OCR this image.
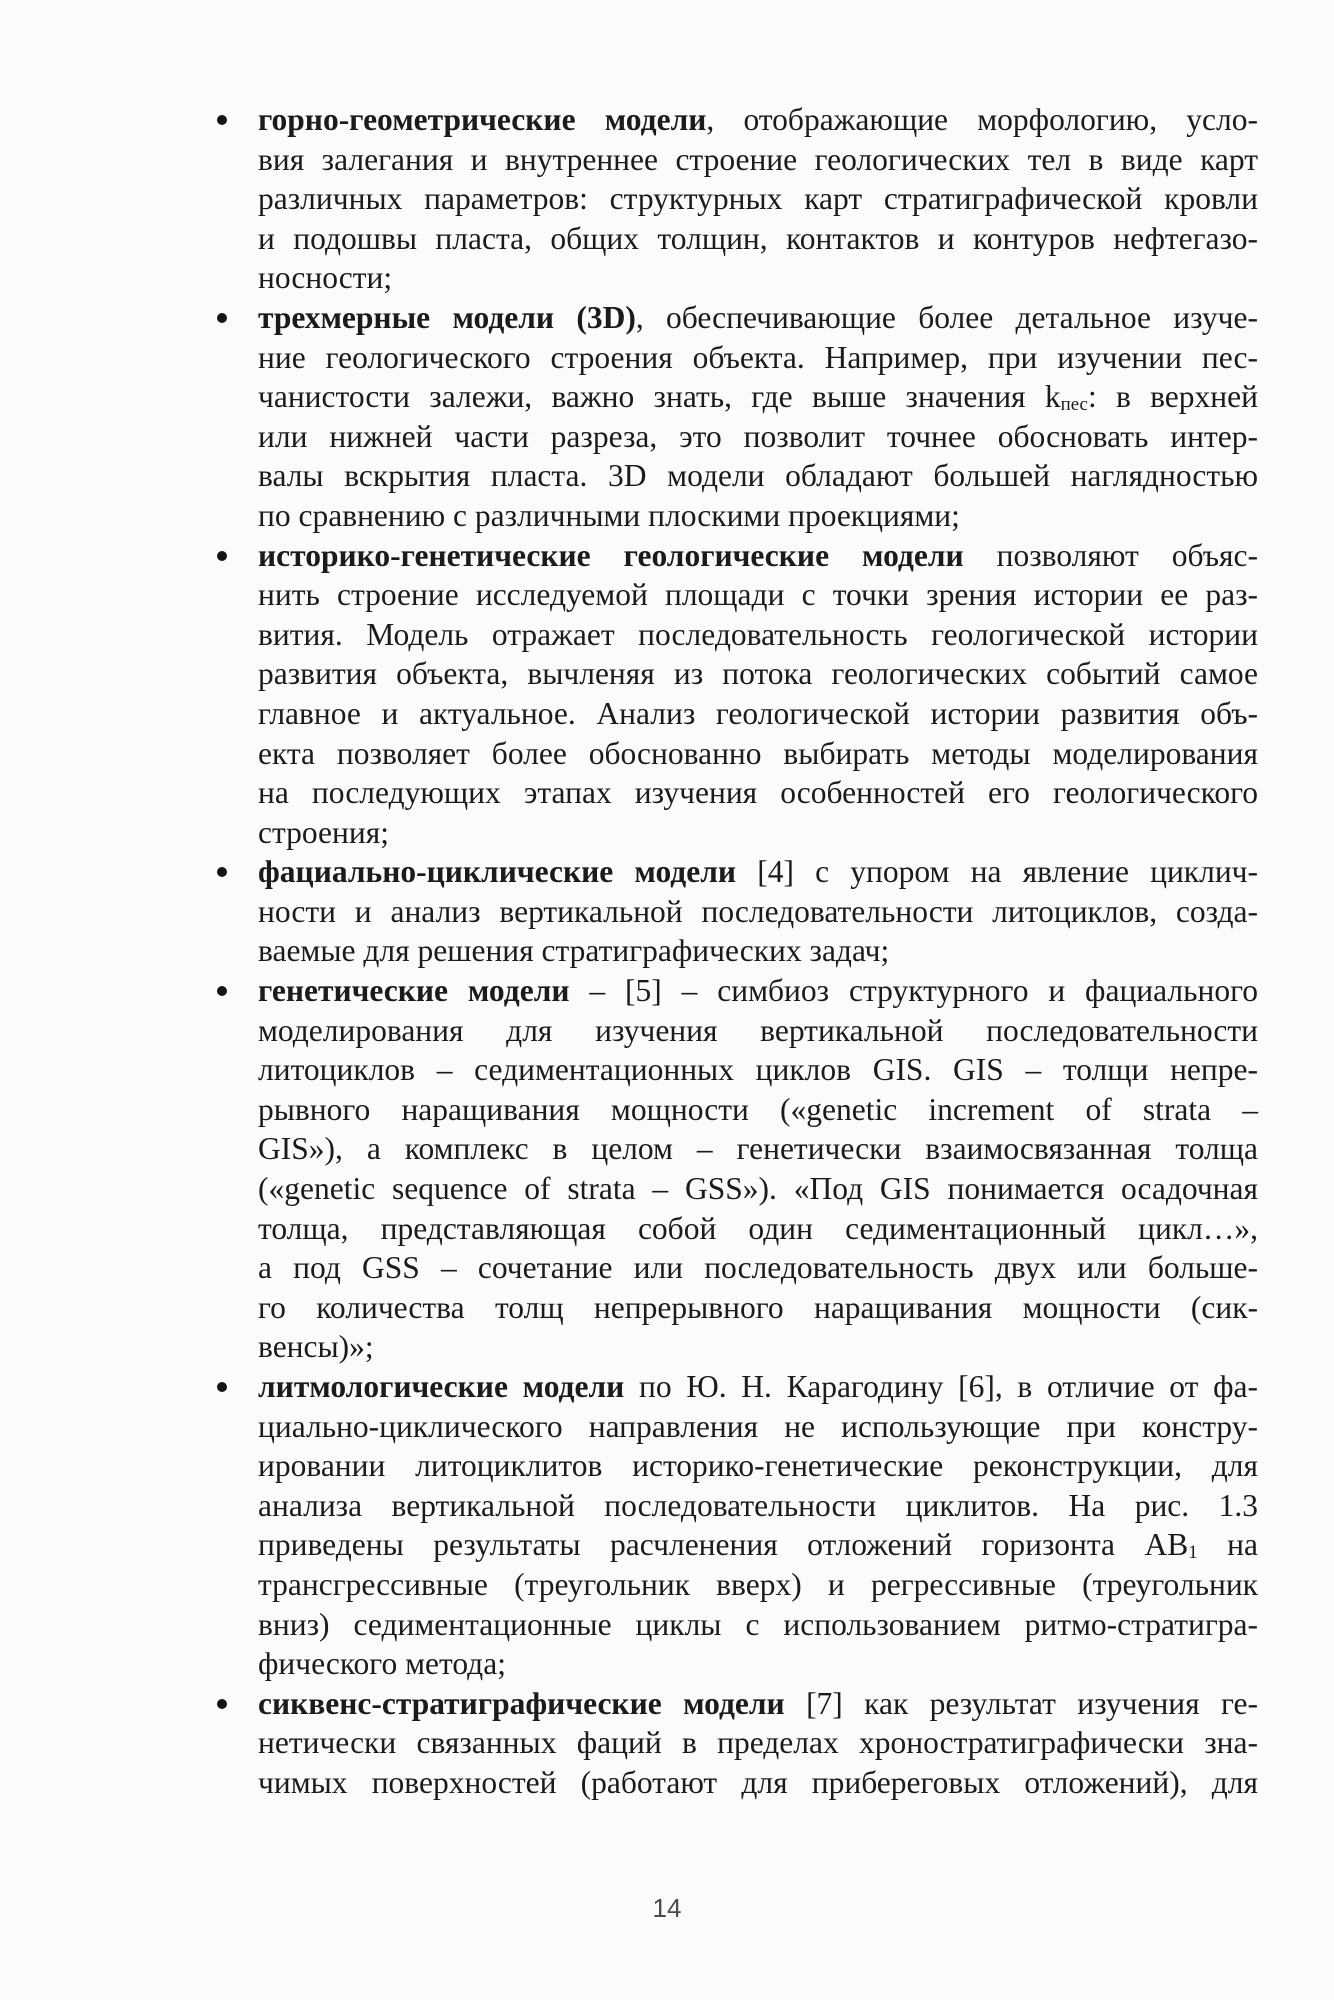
горно-геометрические модели, отображающие морфологию, усло-
вия залегания и внутреннее строение геологических тел в виде карт
различных параметров: структурных карт стратиграфической кровли
и подошвы пласта, общих толщин, контактов и контуров нефтегазо-
носности;
трехмерные модели (3D), обеспечивающие более детальное изуче-
ние геологического строения объекта. Например, при изучении пес-
чанистости залежи, важно знать, где выше значения $k_{пес}$: в верхней
или нижней части разреза, это позволит точнее обосновать интер-
валы вскрытия пласта. 3D модели обладают большей наглядностью
по сравнению с различными плоскими проекциями;
историко-генетические геологические модели позволяют объяс-
нить строение исследуемой площади с точки зрения истории ее раз-
вития. Модель отражает последовательность геологической истории
развития объекта, вычленяя из потока геологических событий самое
главное и актуальное. Анализ геологической истории развития объ-
екта позволяет более обоснованно выбирать методы моделирования
на последующих этапах изучения особенностей его геологического
строения;
фациально-циклические модели [4] с упором на явление циклич-
ности и анализ вертикальной последовательности литоциклов, созда-
ваемые для решения стратиграфических задач;
генетические модели – [5] – симбиоз структурного и фациального
моделирования для изучения вертикальной последовательности
литоциклов – седиментационных циклов GIS. GIS – толщи непре-
рывного наращивания мощности («genetic increment of strata –
GIS»), а комплекс в целом – генетически взаимосвязанная толща
(«genetic sequence of strata – GSS»). «Под GIS понимается осадочная
толща, представляющая собой один седиментационный цикл…»,
а под GSS – сочетание или последовательность двух или больше-
го количества толщ непрерывного наращивания мощности (сик-
венсы)»;
литмологические модели по Ю. Н. Карагодину [6], в отличие от фа-
циально-циклического направления не использующие при констру-
ировании литоциклитов историко-генетические реконструкции, для
анализа вертикальной последовательности циклитов. На рис. 1.3
приведены результаты расчленения отложений горизонта $AB_1$ на
трансгрессивные (треугольник вверх) и регрессивные (треугольник
вниз) седиментационные циклы с использованием ритмо-стратигра-
фического метода;
сиквенс-стратиграфические модели [7] как результат изучения ге-
нетически связанных фаций в пределах хроностратиграфически зна-
чимых поверхностей (работают для прибереговых отложений), для
14
